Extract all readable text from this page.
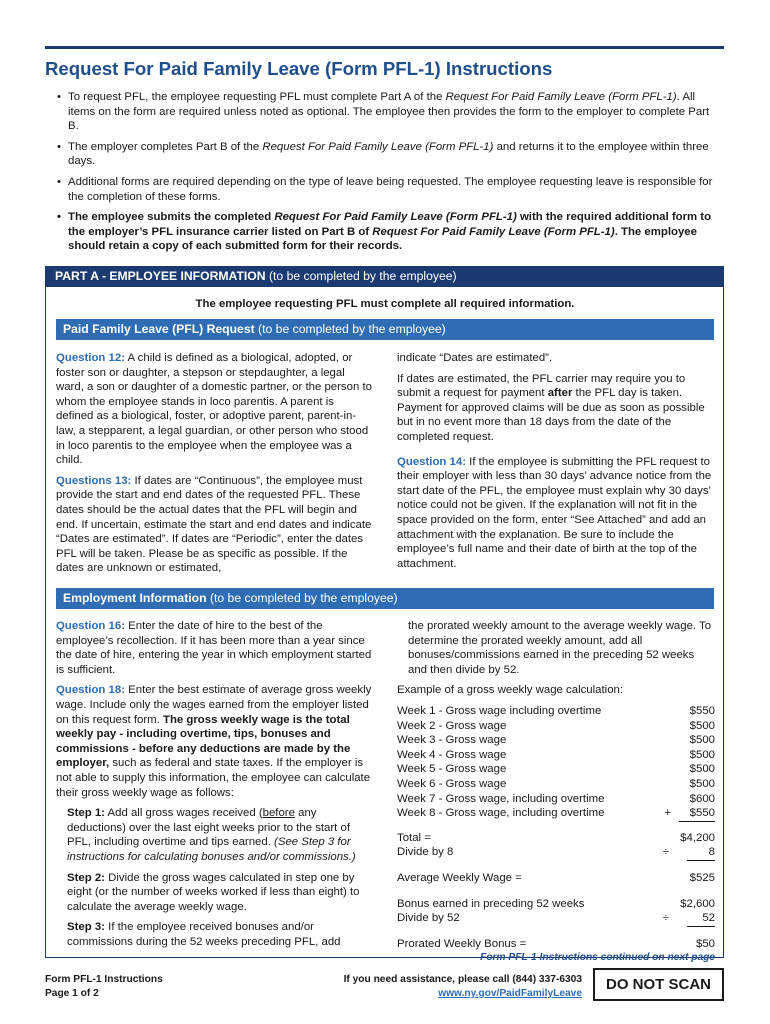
Request For Paid Family Leave (Form PFL-1) Instructions
• To request PFL, the employee requesting PFL must complete Part A of the Request For Paid Family Leave (Form PFL-1). All items on the form are required unless noted as optional. The employee then provides the form to the employer to complete Part B.
• The employer completes Part B of the Request For Paid Family Leave (Form PFL-1) and returns it to the employee within three days.
• Additional forms are required depending on the type of leave being requested. The employee requesting leave is responsible for the completion of these forms.
• The employee submits the completed Request For Paid Family Leave (Form PFL-1) with the required additional form to the employer’s PFL insurance carrier listed on Part B of Request For Paid Family Leave (Form PFL-1). The employee should retain a copy of each submitted form for their records.
PART A - EMPLOYEE INFORMATION (to be completed by the employee)
The employee requesting PFL must complete all required information.
Paid Family Leave (PFL) Request (to be completed by the employee)

Question 12: A child is defined as a biological, adopted, or foster son or daughter, a stepson or stepdaughter, a legal ward, a son or daughter of a domestic partner, or the person to whom the employee stands in loco parentis. A parent is defined as a biological, foster, or adoptive parent, parent-in-law, a stepparent, a legal guardian, or other person who stood in loco parentis to the employee when the employee was a child.

Questions 13: If dates are “Continuous”, the employee must provide the start and end dates of the requested PFL. These dates should be the actual dates that the PFL will begin and end. If uncertain, estimate the start and end dates and indicate “Dates are estimated”. If dates are “Periodic”, enter the dates PFL will be taken. Please be as specific as possible. If the dates are unknown or estimated,

indicate “Dates are estimated”.

If dates are estimated, the PFL carrier may require you to submit a request for payment after the PFL day is taken. Payment for approved claims will be due as soon as possible but in no event more than 18 days from the date of the completed request.

Question 14: If the employee is submitting the PFL request to their employer with less than 30 days’ advance notice from the start date of the PFL, the employee must explain why 30 days’ notice could not be given. If the explanation will not fit in the space provided on the form, enter “See Attached” and add an attachment with the explanation. Be sure to include the employee’s full name and their date of birth at the top of the attachment.

Employment Information (to be completed by the employee)

Question 16: Enter the date of hire to the best of the employee’s recollection. If it has been more than a year since the date of hire, entering the year in which employment started is sufficient.

Question 18: Enter the best estimate of average gross weekly wage. Include only the wages earned from the employer listed on this request form. The gross weekly wage is the total weekly pay - including overtime, tips, bonuses and commissions - before any deductions are made by the employer, such as federal and state taxes. If the employer is not able to supply this information, the employee can calculate their gross weekly wage as follows:

Step 1: Add all gross wages received (before any deductions) over the last eight weeks prior to the start of PFL, including overtime and tips earned. (See Step 3 for instructions for calculating bonuses and/or commissions.)

Step 2: Divide the gross wages calculated in step one by eight (or the number of weeks worked if less than eight) to calculate the average weekly wage.

Step 3: If the employee received bonuses and/or commissions during the 52 weeks preceding PFL, add

the prorated weekly amount to the average weekly wage. To determine the prorated weekly amount, add all bonuses/commissions earned in the preceding 52 weeks and then divide by 52.

Example of a gross weekly wage calculation:

Week 1 - Gross wage including overtime	$550
Week 2 - Gross wage	$500
Week 3 - Gross wage	$500
Week 4 - Gross wage	$500
Week 5 - Gross wage	$500
Week 6 - Gross wage	$500
Week 7 - Gross wage, including overtime	$600
Week 8 - Gross wage, including overtime	+ $550
Total =	$4,200
Divide by 8	÷	8
Average Weekly Wage =	$525
Bonus earned in preceding 52 weeks	$2,600
Divide by 52	÷	52
Prorated Weekly Bonus =	$50
Form PFL-1 Instructions continued on next page
Form PFL-1 Instructions
Page 1 of 2
If you need assistance, please call (844) 337-6303
www.ny.gov/PaidFamilyLeave
DO NOT SCAN
